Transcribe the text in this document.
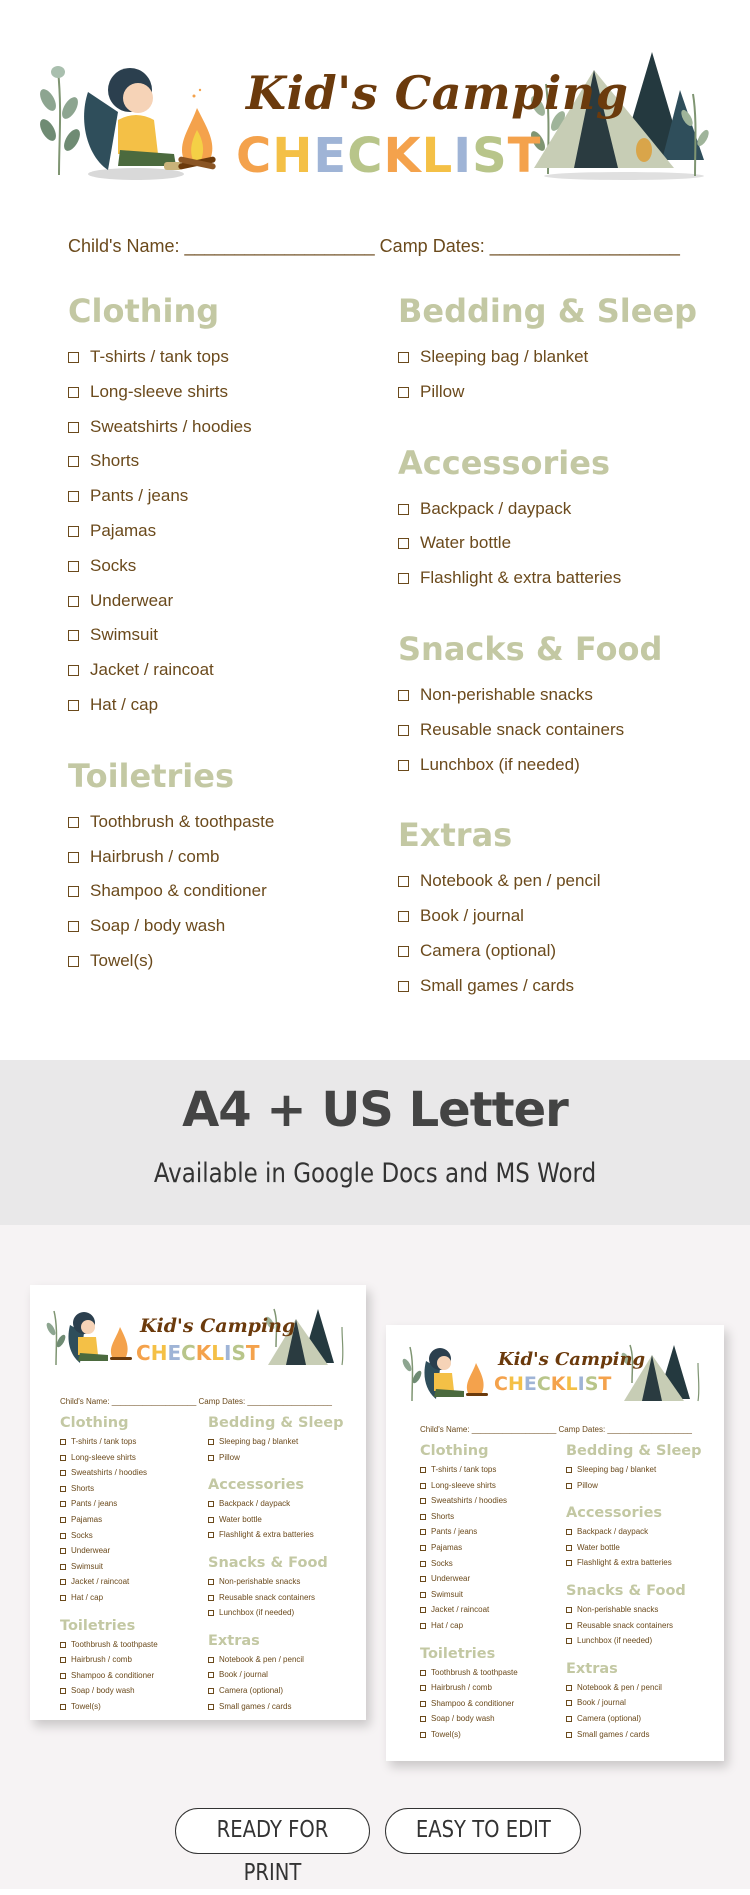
Kid's Camping
CHECKLIST
Child's Name: ___________________ Camp Dates: ___________________
Clothing
T-shirts / tank tops
Long-sleeve shirts
Sweatshirts / hoodies
Shorts
Pants / jeans
Pajamas
Socks
Underwear
Swimsuit
Jacket / raincoat
Hat / cap
Toiletries
Toothbrush & toothpaste
Hairbrush / comb
Shampoo & conditioner
Soap / body wash
Towel(s)
Bedding & Sleep
Sleeping bag / blanket
Pillow
Accessories
Backpack / daypack
Water bottle
Flashlight & extra batteries
Snacks & Food
Non-perishable snacks
Reusable snack containers
Lunchbox (if needed)
Extras
Notebook & pen / pencil
Book / journal
Camera (optional)
Small games / cards
A4 + US Letter
Available in Google Docs and MS Word
Kid's Camping
CHECKLIST
Child's Name: ___________________ Camp Dates: ___________________
Clothing
T-shirts / tank tops
Long-sleeve shirts
Sweatshirts / hoodies
Shorts
Pants / jeans
Pajamas
Socks
Underwear
Swimsuit
Jacket / raincoat
Hat / cap
Toiletries
Toothbrush & toothpaste
Hairbrush / comb
Shampoo & conditioner
Soap / body wash
Towel(s)
Bedding & Sleep
Sleeping bag / blanket
Pillow
Accessories
Backpack / daypack
Water bottle
Flashlight & extra batteries
Snacks & Food
Non-perishable snacks
Reusable snack containers
Lunchbox (if needed)
Extras
Notebook & pen / pencil
Book / journal
Camera (optional)
Small games / cards
Kid's Camping
CHECKLIST
Child's Name: ___________________ Camp Dates: ___________________
Clothing
T-shirts / tank tops
Long-sleeve shirts
Sweatshirts / hoodies
Shorts
Pants / jeans
Pajamas
Socks
Underwear
Swimsuit
Jacket / raincoat
Hat / cap
Toiletries
Toothbrush & toothpaste
Hairbrush / comb
Shampoo & conditioner
Soap / body wash
Towel(s)
Bedding & Sleep
Sleeping bag / blanket
Pillow
Accessories
Backpack / daypack
Water bottle
Flashlight & extra batteries
Snacks & Food
Non-perishable snacks
Reusable snack containers
Lunchbox (if needed)
Extras
Notebook & pen / pencil
Book / journal
Camera (optional)
Small games / cards
READY FOR PRINT
EASY TO EDIT
